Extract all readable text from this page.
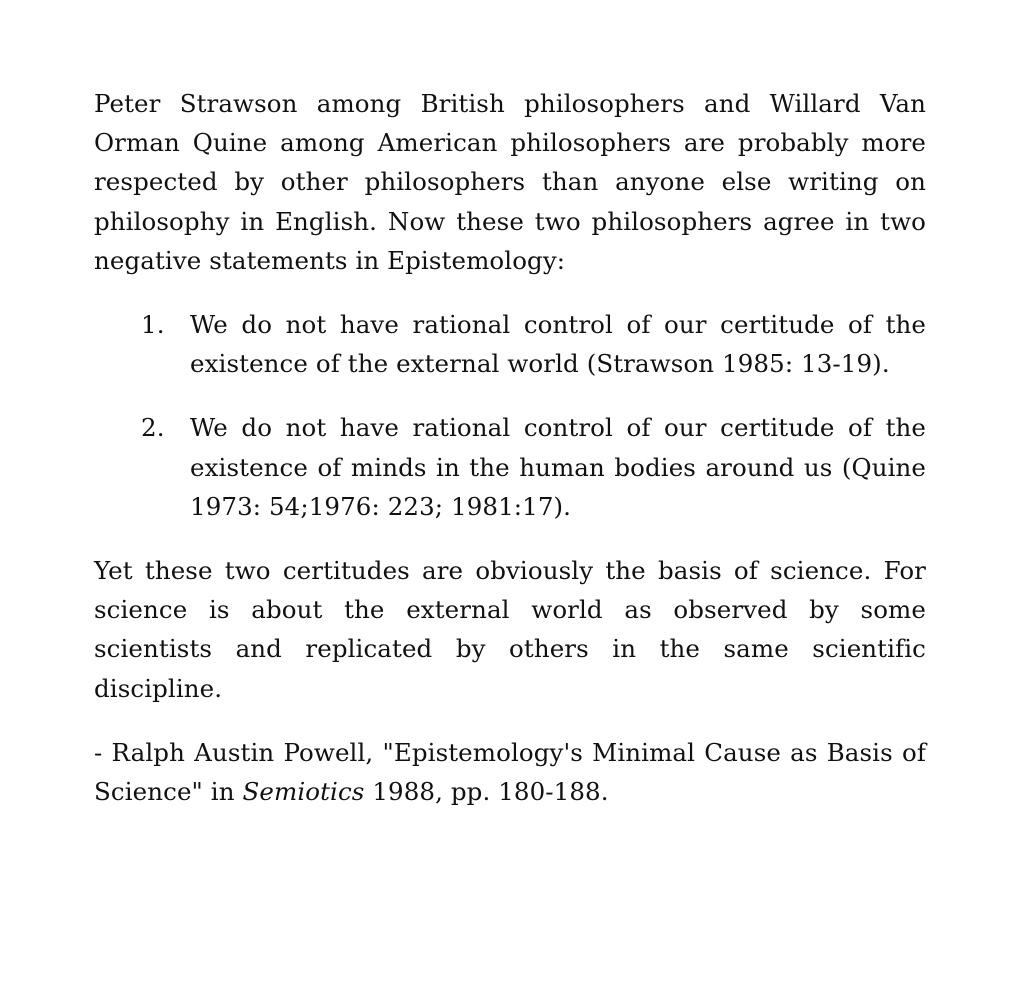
Peter Strawson among British philosophers and Willard Van Orman Quine among American philosophers are probably more respected by other philosophers than anyone else writing on philosophy in English. Now these two philosophers agree in two negative statements in Epistemology:

1. We do not have rational control of our certitude of the existence of the external world (Strawson 1985: 13-19).
2. We do not have rational control of our certitude of the existence of minds in the human bodies around us (Quine 1973: 54;1976: 223; 1981:17).

Yet these two certitudes are obviously the basis of science. For science is about the external world as observed by some scientists and replicated by others in the same scientific discipline.

- Ralph Austin Powell, "Epistemology's Minimal Cause as Basis of Science" in Semiotics 1988, pp. 180-188.
